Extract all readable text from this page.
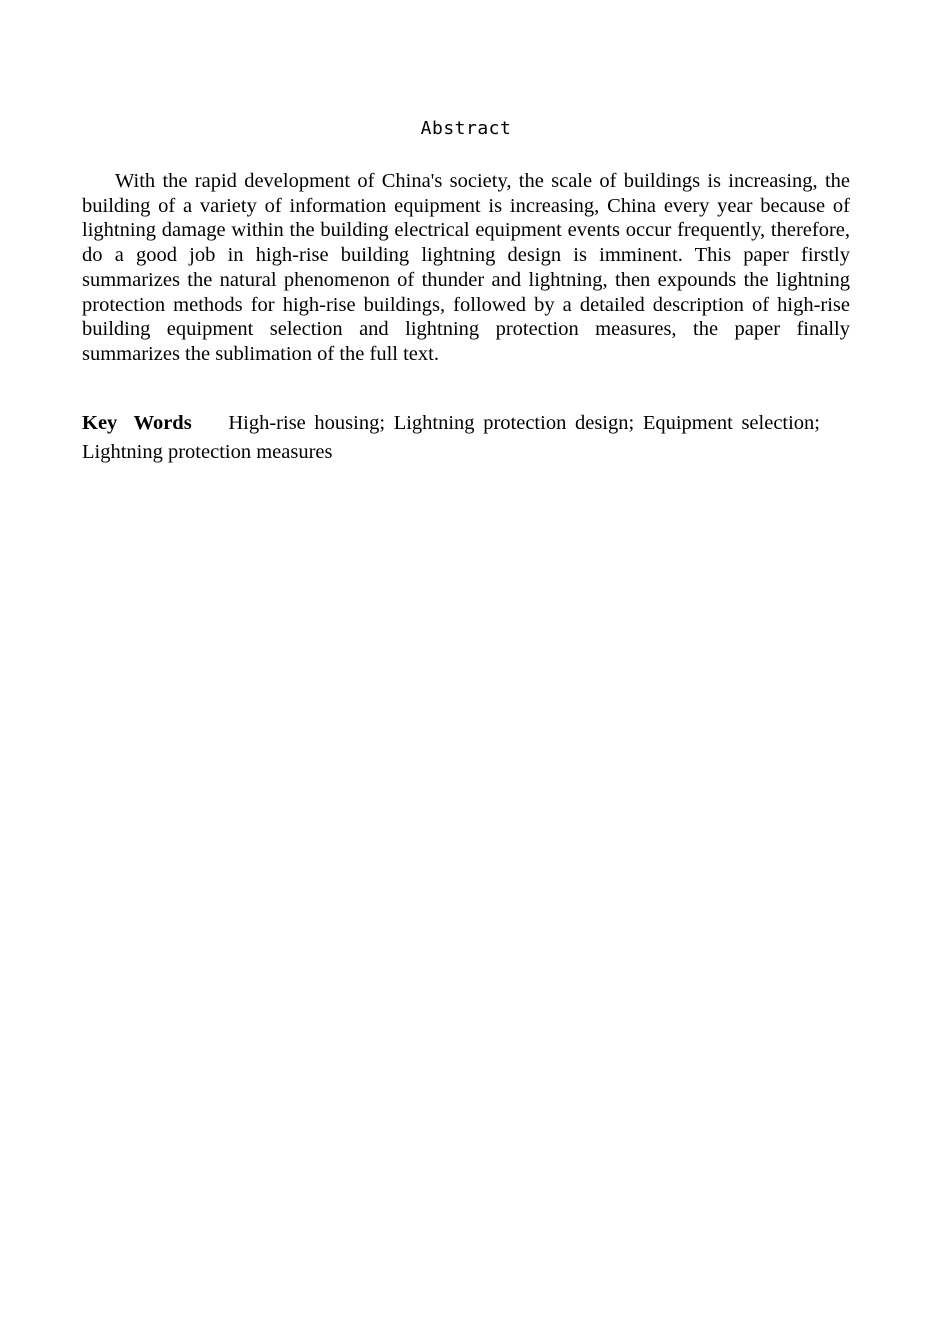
Abstract

With the rapid development of China's society, the scale of buildings is increasing, the building of a variety of information equipment is increasing, China every year because of lightning damage within the building electrical equipment events occur frequently, therefore, do a good job in high-rise building lightning design is imminent. This paper firstly summarizes the natural phenomenon of thunder and lightning, then expounds the lightning protection methods for high-rise buildings, followed by a detailed description of high-rise building equipment selection and lightning protection measures, the paper finally summarizes the sublimation of the full text.

Key Words High-rise housing; Lightning protection design; Equipment selection; Lightning protection measures
